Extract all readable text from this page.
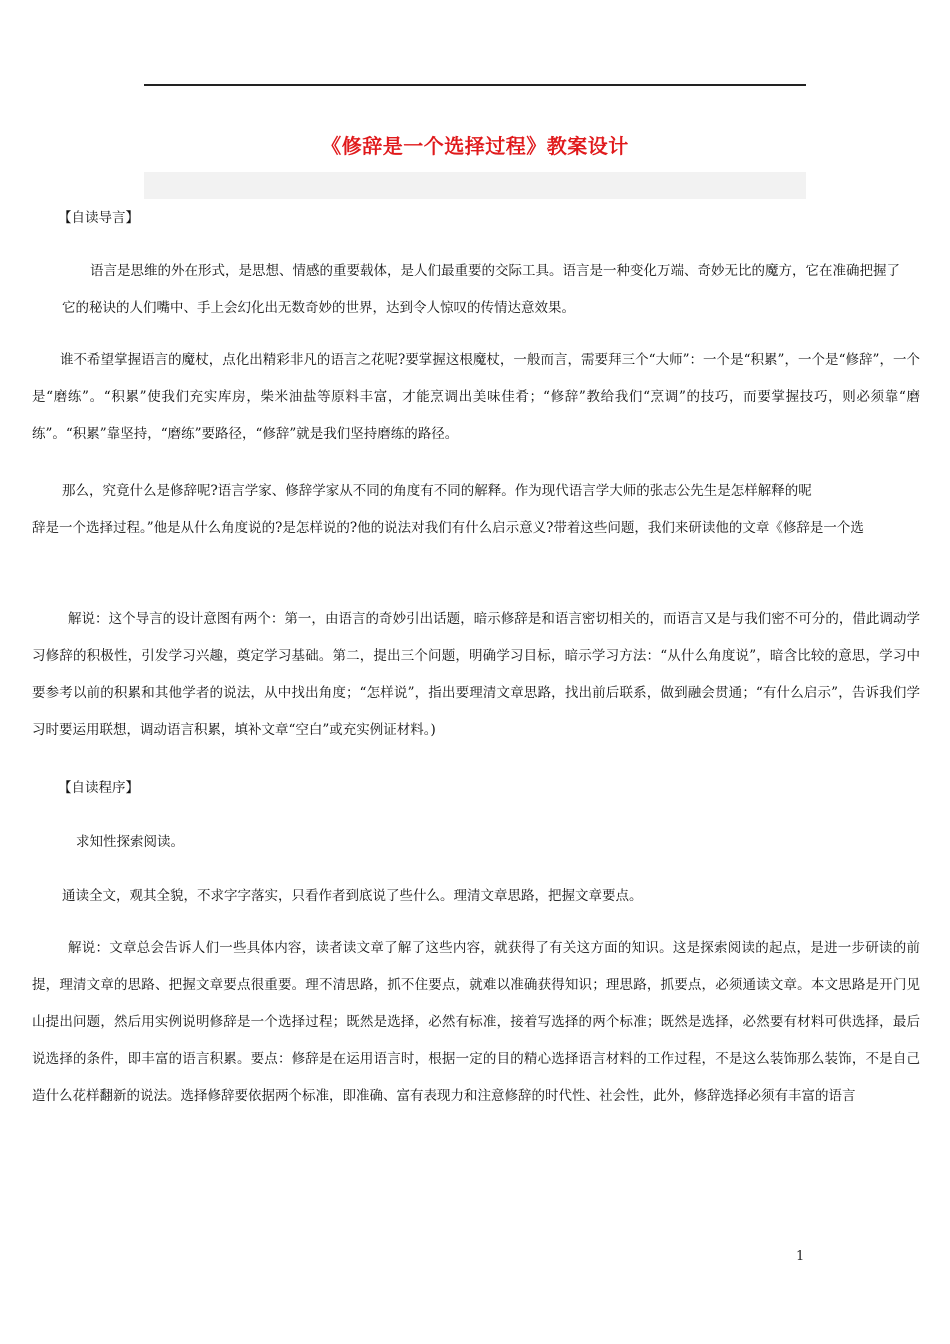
《修辞是一个选择过程》教案设计
【自读导言】
语言是思维的外在形式，是思想、情感的重要载体，是人们最重要的交际工具。语言是一种变化万端、奇妙无比的魔方，它在准确把握了
它的秘诀的人们嘴中、手上会幻化出无数奇妙的世界，达到令人惊叹的传情达意效果。
谁不希望掌握语言的魔杖，点化出精彩非凡的语言之花呢?要掌握这根魔杖，一般而言，需要拜三个“大师”：一个是“积累”，一个是“修辞”，一个是“磨练”。“积累”使我们充实库房，柴米油盐等原料丰富，才能烹调出美味佳肴；“修辞”教给我们“烹调”的技巧，而要掌握技巧，则必须靠“磨练”。“积累”靠坚持，“磨练”要路径，“修辞”就是我们坚持磨练的路径。
那么，究竟什么是修辞呢?语言学家、修辞学家从不同的角度有不同的解释。作为现代语言学大师的张志公先生是怎样解释的呢
辞是一个选择过程。”他是从什么角度说的?是怎样说的?他的说法对我们有什么启示意义?带着这些问题，我们来研读他的文章《修辞是一个选
解说：这个导言的设计意图有两个：第一，由语言的奇妙引出话题，暗示修辞是和语言密切相关的，而语言又是与我们密不可分的，借此调动学习修辞的积极性，引发学习兴趣，奠定学习基础。第二，提出三个问题，明确学习目标，暗示学习方法：“从什么角度说”，暗含比较的意思，学习中要参考以前的积累和其他学者的说法，从中找出角度；“怎样说”，指出要理清文章思路，找出前后联系，做到融会贯通；“有什么启示”，告诉我们学习时要运用联想，调动语言积累，填补文章“空白”或充实例证材料。)
【自读程序】
求知性探索阅读。
通读全文，观其全貌，不求字字落实，只看作者到底说了些什么。理清文章思路，把握文章要点。
解说：文章总会告诉人们一些具体内容，读者读文章了解了这些内容，就获得了有关这方面的知识。这是探索阅读的起点，是进一步研读的前提，理清文章的思路、把握文章要点很重要。理不清思路，抓不住要点，就难以准确获得知识；理思路，抓要点，必须通读文章。本文思路是开门见山提出问题，然后用实例说明修辞是一个选择过程；既然是选择，必然有标准，接着写选择的两个标准；既然是选择，必然要有材料可供选择，最后说选择的条件，即丰富的语言积累。要点：修辞是在运用语言时，根据一定的目的精心选择语言材料的工作过程，不是这么装饰那么装饰，不是自己造什么花样翻新的说法。选择修辞要依据两个标准，即准确、富有表现力和注意修辞的时代性、社会性，此外，修辞选择必须有丰富的语言
1
